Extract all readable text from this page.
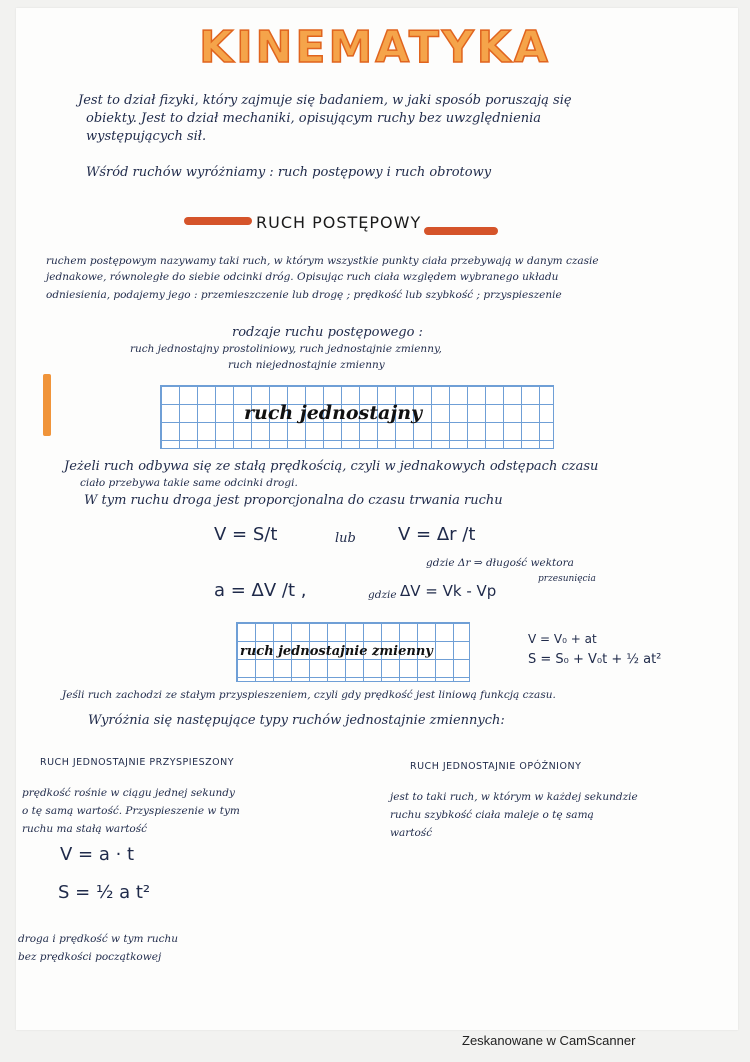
KINEMATYKA
Jest to dział fizyki, który zajmuje się badaniem, w jaki sposób poruszają się
obiekty. Jest to dział mechaniki, opisującym ruchy bez uwzględnienia
występujących sił.
Wśród ruchów wyróżniamy : ruch postępowy i ruch obrotowy
RUCH POSTĘPOWY
ruchem postępowym nazywamy taki ruch, w którym wszystkie punkty ciała przebywają w danym czasie
jednakowe, równoległe do siebie odcinki dróg. Opisując ruch ciała względem wybranego układu
odniesienia, podajemy jego : przemieszczenie lub drogę ; prędkość lub szybkość ; przyspieszenie
rodzaje ruchu postępowego :
ruch jednostajny prostoliniowy, ruch jednostajnie zmienny,
ruch niejednostajnie zmienny
ruch jednostajny
Jeżeli ruch odbywa się ze stałą prędkością, czyli w jednakowych odstępach czasu
ciało przebywa takie same odcinki drogi.
W tym ruchu droga jest proporcjonalna do czasu trwania ruchu
V = S/t	lub V = Δr /t
gdzie Δr ⇒ długość wektora
przesunięcia
a = ΔV /t ,	gdzie ΔV = Vk - Vp
ruch jednostajnie zmienny
V = V₀ + at
S = S₀ + V₀t + ½ at²
Jeśli ruch zachodzi ze stałym przyspieszeniem, czyli gdy prędkość jest liniową funkcją czasu.
Wyróżnia się następujące typy ruchów jednostajnie zmiennych:
RUCH JEDNOSTAJNIE PRZYSPIESZONY
prędkość rośnie w ciągu jednej sekundy
o tę samą wartość. Przyspieszenie w tym
ruchu ma stałą wartość
V = a · t
S = ½ a t²
droga i prędkość w tym ruchu
bez prędkości początkowej
RUCH JEDNOSTAJNIE OPÓŹNIONY
jest to taki ruch, w którym w każdej sekundzie
ruchu szybkość ciała maleje o tę samą
wartość
Zeskanowane w CamScanner
